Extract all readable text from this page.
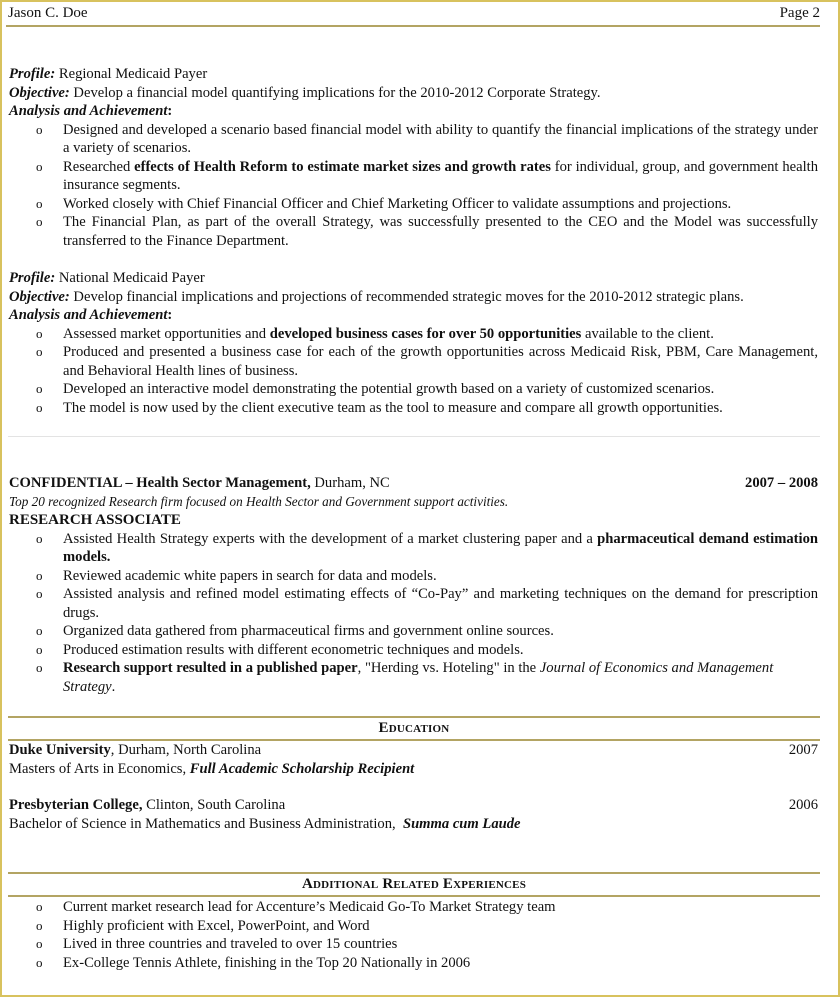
Jason C. Doe	Page 2
Profile: Regional Medicaid Payer
Objective: Develop a financial model quantifying implications for the 2010-2012 Corporate Strategy.
Analysis and Achievement:
o Designed and developed a scenario based financial model with ability to quantify the financial implications of the strategy under a variety of scenarios.
o Researched effects of Health Reform to estimate market sizes and growth rates for individual, group, and government health insurance segments.
o Worked closely with Chief Financial Officer and Chief Marketing Officer to validate assumptions and projections.
o The Financial Plan, as part of the overall Strategy, was successfully presented to the CEO and the Model was successfully transferred to the Finance Department.
Profile: National Medicaid Payer
Objective: Develop financial implications and projections of recommended strategic moves for the 2010-2012 strategic plans.
Analysis and Achievement:
o Assessed market opportunities and developed business cases for over 50 opportunities available to the client.
o Produced and presented a business case for each of the growth opportunities across Medicaid Risk, PBM, Care Management, and Behavioral Health lines of business.
o Developed an interactive model demonstrating the potential growth based on a variety of customized scenarios.
o The model is now used by the client executive team as the tool to measure and compare all growth opportunities.
CONFIDENTIAL – Health Sector Management, Durham, NC	2007 – 2008
Top 20 recognized Research firm focused on Health Sector and Government support activities.
RESEARCH ASSOCIATE
o Assisted Health Strategy experts with the development of a market clustering paper and a pharmaceutical demand estimation models.
o Reviewed academic white papers in search for data and models.
o Assisted analysis and refined model estimating effects of “Co-Pay” and marketing techniques on the demand for prescription drugs.
o Organized data gathered from pharmaceutical firms and government online sources.
o Produced estimation results with different econometric techniques and models.
o Research support resulted in a published paper, "Herding vs. Hoteling" in the Journal of Economics and Management Strategy.
Education
Duke University, Durham, North Carolina	2007
Masters of Arts in Economics, Full Academic Scholarship Recipient
Presbyterian College, Clinton, South Carolina	2006
Bachelor of Science in Mathematics and Business Administration,  Summa cum Laude
Additional Related Experiences
o Current market research lead for Accenture’s Medicaid Go-To Market Strategy team
o Highly proficient with Excel, PowerPoint, and Word
o Lived in three countries and traveled to over 15 countries
o Ex-College Tennis Athlete, finishing in the Top 20 Nationally in 2006
